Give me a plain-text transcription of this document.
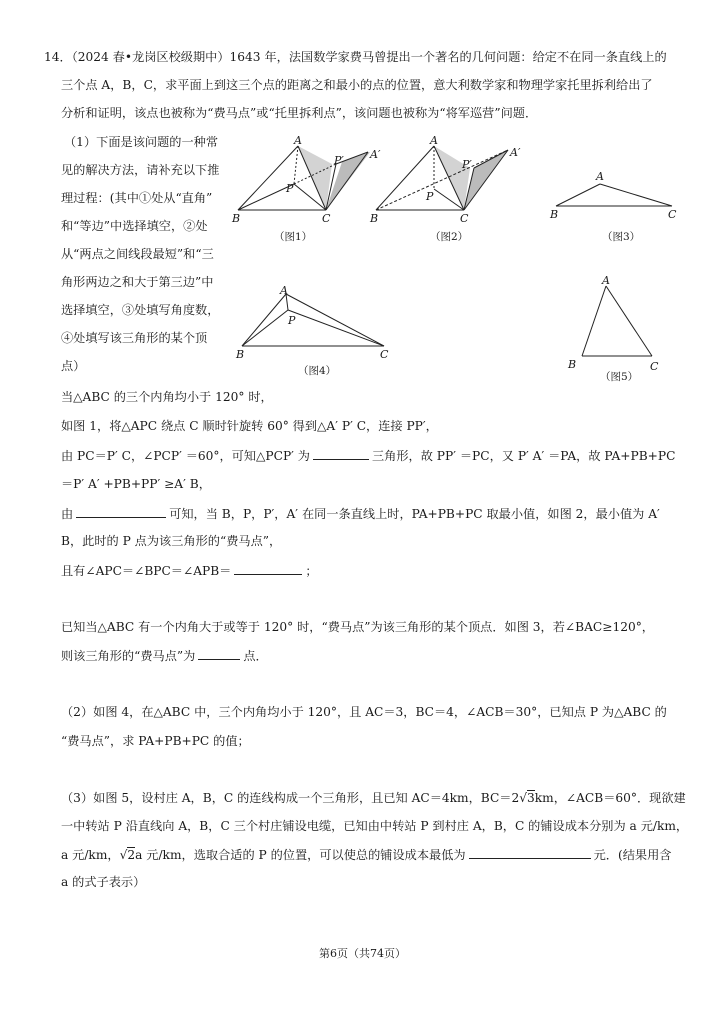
14．（2024 春•龙岗区校级期中）1643 年，法国数学家费马曾提出一个著名的几何问题：给定不在同一条直线上的
三个点 A，B，C，求平面上到这三个点的距离之和最小的点的位置，意大利数学家和物理学家托里拆利给出了
分析和证明，该点也被称为“费马点”或“托里拆利点”，该问题也被称为“将军巡营”问题．
（1）下面是该问题的一种常
见的解决方法，请补充以下推
理过程：(其中①处从“直角”
和“等边”中选择填空，②处
从“两点之间线段最短”和“三
角形两边之和大于第三边”中
选择填空，③处填写角度数，
④处填写该三角形的某个顶
点）
A
B	C
P
P′ A′
（图1）
A
B	C
P
P′
A′
（图2）
A
B	C
（图3）
A
B	C
P
（图4）
A
B	C
（图5）
当△ABC 的三个内角均小于 120° 时，
如图 1，将△APC 绕点 C 顺时针旋转 60° 得到△A′ P′ C，连接 PP′，
由 PC＝P′ C，∠PCP′ ＝60°，可知△PCP′ 为	三角形，故 PP′ ＝PC，又 P′ A′ ＝PA，故 PA+PB+PC
＝P′ A′ +PB+PP′ ≥A′ B，
由	可知，当 B，P，P′，A′ 在同一条直线上时，PA+PB+PC 取最小值，如图 2，最小值为 A′
B，此时的 P 点为该三角形的“费马点”，
且有∠APC＝∠BPC＝∠APB＝	；
已知当△ABC 有一个内角大于或等于 120° 时，“费马点”为该三角形的某个顶点．如图 3，若∠BAC≥120°，
则该三角形的“费马点”为	点．
（2）如图 4，在△ABC 中，三个内角均小于 120°，且 AC＝3，BC＝4，∠ACB＝30°，已知点 P 为△ABC 的
“费马点”，求 PA+PB+PC 的值；
（3）如图 5，设村庄 A，B，C 的连线构成一个三角形，且已知 AC＝4km，BC＝2√3km，∠ACB＝60°．现欲建
一中转站 P 沿直线向 A，B，C 三个村庄铺设电缆，已知由中转站 P 到村庄 A，B，C 的铺设成本分别为 a 元/km，
a 元/km，√2a 元/km，选取合适的 P 的位置，可以使总的铺设成本最低为	元．(结果用含
a 的式子表示）
第6页（共74页）
